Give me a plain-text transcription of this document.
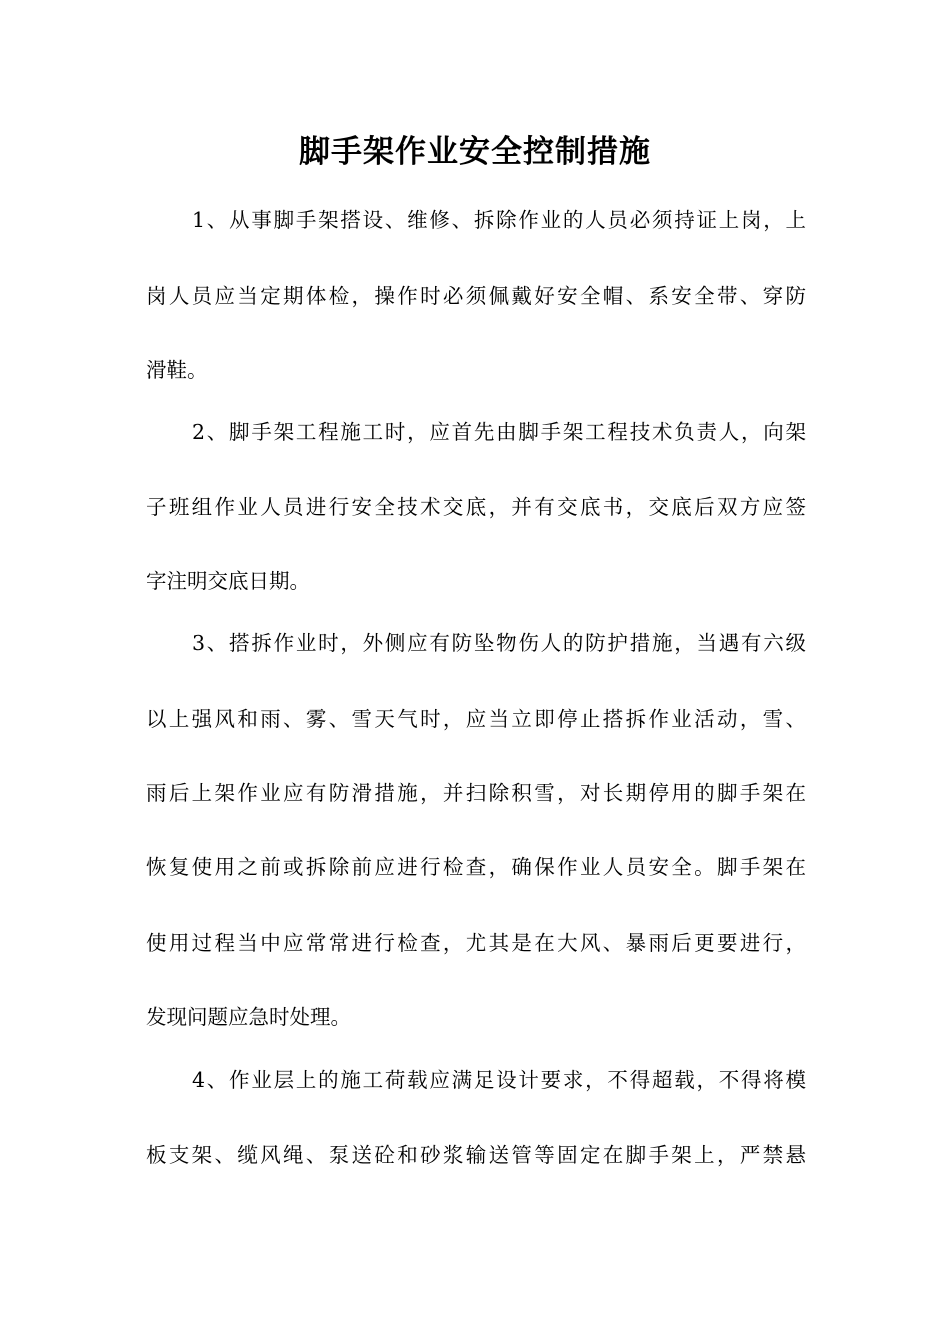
脚手架作业安全控制措施

1、从事脚手架搭设、维修、拆除作业的人员必须持证上岗，上

岗人员应当定期体检，操作时必须佩戴好安全帽、系安全带、穿防

滑鞋。

2、脚手架工程施工时，应首先由脚手架工程技术负责人，向架

子班组作业人员进行安全技术交底，并有交底书，交底后双方应签

字注明交底日期。

3、搭拆作业时，外侧应有防坠物伤人的防护措施，当遇有六级

以上强风和雨、雾、雪天气时，应当立即停止搭拆作业活动，雪、

雨后上架作业应有防滑措施，并扫除积雪，对长期停用的脚手架在

恢复使用之前或拆除前应进行检查，确保作业人员安全。脚手架在

使用过程当中应常常进行检查，尤其是在大风、暴雨后更要进行，

发现问题应急时处理。

4、作业层上的施工荷载应满足设计要求，不得超载，不得将模

板支架、缆风绳、泵送砼和砂浆输送管等固定在脚手架上，严禁悬
